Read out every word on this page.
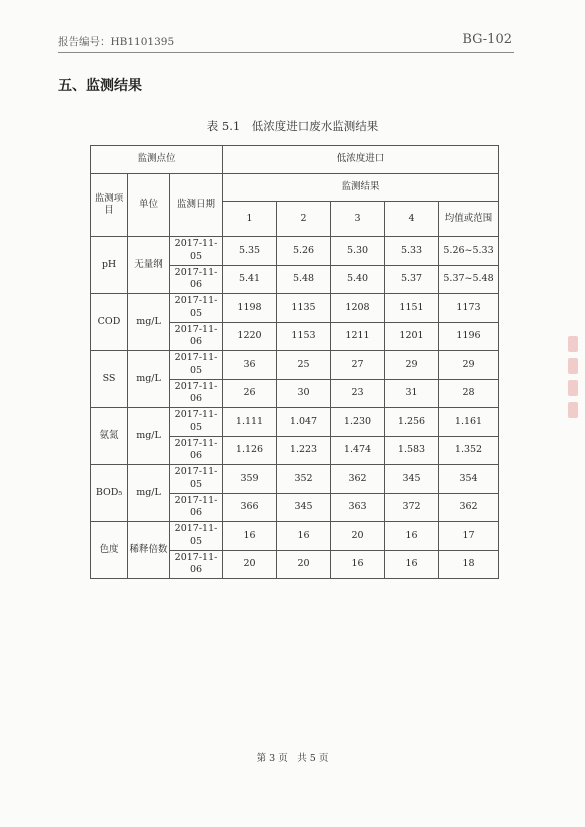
报告编号：HB1101395	BG-102
五、监测结果
表 5.1　低浓度进口废水监测结果
监测点位			低浓度进口				
监测项目	单位	监测日期	监测结果				
			1	2	3	4	均值或范围
pH	无量纲	2017-11-05	5.35	5.26	5.30	5.33	5.26~5.33
		2017-11-06	5.41	5.48	5.40	5.37	5.37~5.48
COD	mg/L	2017-11-05	1198	1135	1208	1151	1173
		2017-11-06	1220	1153	1211	1201	1196
SS	mg/L	2017-11-05	36	25	27	29	29
		2017-11-06	26	30	23	31	28
氨氮	mg/L	2017-11-05	1.111	1.047	1.230	1.256	1.161
		2017-11-06	1.126	1.223	1.474	1.583	1.352
BOD₅	mg/L	2017-11-05	359	352	362	345	354
		2017-11-06	366	345	363	372	362
色度	稀释倍数	2017-11-05	16	16	20	16	17
		2017-11-06	20	20	16	16	18
第 3 页　共 5 页
